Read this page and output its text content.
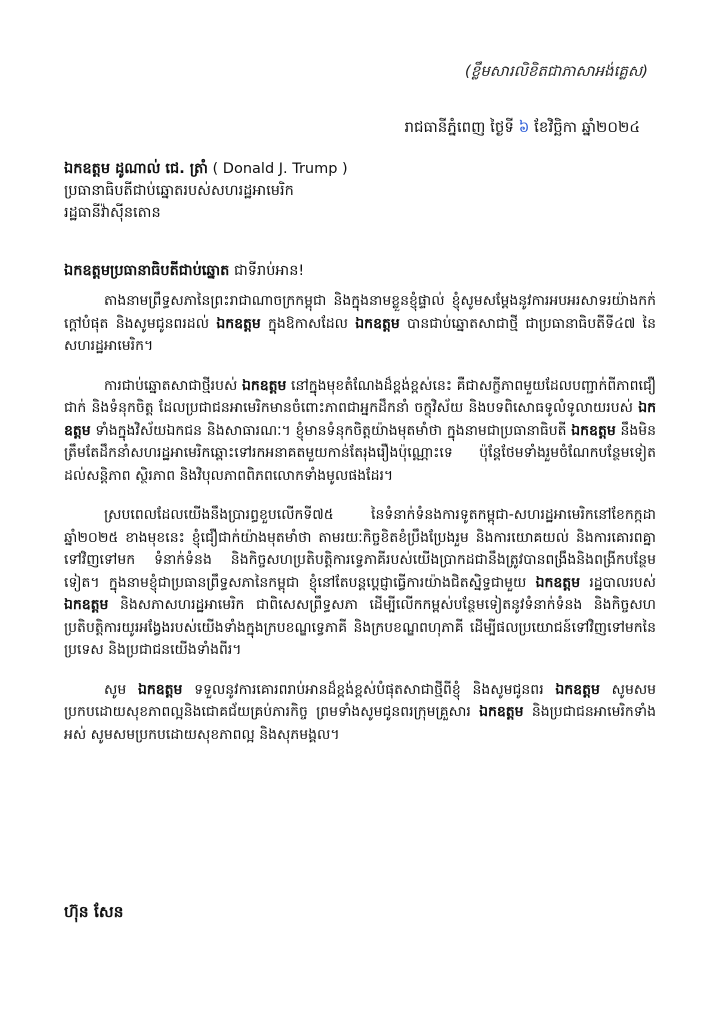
(ខ្លឹមសារលិខិតជាភាសាអង់គ្លេស)
រាជធានីភ្នំពេញ ថ្ងៃទី ៦ ខែវិច្ឆិកា ឆ្នាំ២០២៤
ឯកឧត្តម ដូណាល់ ជេ. ត្រាំ ( Donald J. Trump )
ប្រធានាធិបតីជាប់ឆ្នោតរបស់សហរដ្ឋអាមេរិក
រដ្ឋធានីវ៉ាស៊ីនតោន
ឯកឧត្តមប្រធានាធិបតីជាប់ឆ្នោត ជាទីរាប់អាន!

តាងនាមព្រឹទ្ធសភានៃព្រះរាជាណាចក្រកម្ពុជា និងក្នុងនាមខ្លួនខ្ញុំផ្ទាល់ ខ្ញុំសូមសម្តែងនូវការអបអរសាទរយ៉ាងកក់ក្តៅបំផុត និងសូមជូនពរដល់ ឯកឧត្តម ក្នុងឱកាសដែល ឯកឧត្តម បានជាប់ឆ្នោតសាជាថ្មី ជាប្រធានាធិបតីទី៤៧ នៃសហរដ្ឋអាមេរិក។

ការជាប់ឆ្នោតសាជាថ្មីរបស់ ឯកឧត្តម នៅក្នុងមុខតំណែងដ៏ខ្ពង់ខ្ពស់នេះ គឺជាសក្ខីភាពមួយដែលបញ្ជាក់ពីភាពជឿជាក់ និងទំនុកចិត្ត ដែលប្រជាជនអាមេរិកមានចំពោះភាពជាអ្នកដឹកនាំ ចក្ខុវិស័យ និងបទពិសោធទូលំទូលាយរបស់ ឯកឧត្តម ទាំងក្នុងវិស័យឯកជន និងសាធារណៈ។ ខ្ញុំមានទំនុកចិត្តយ៉ាងមុតមាំថា ក្នុងនាមជាប្រធានាធិបតី ឯកឧត្តម នឹងមិនត្រឹមតែដឹកនាំសហរដ្ឋអាមេរិកឆ្ពោះទៅរកអនាគតមួយកាន់តែរុងរឿងប៉ុណ្ណោះទេ ប៉ុន្តែថែមទាំងរួមចំណែកបន្ថែមទៀតដល់សន្តិភាព ស្ថិរភាព និងវិបុលភាពពិភពលោកទាំងមូលផងដែរ។

ស្របពេលដែលយើងនឹងប្រារព្ធខួបលើកទី៧៥ នៃទំនាក់ទំនងការទូតកម្ពុជា-សហរដ្ឋអាមេរិកនៅខែកក្កដា ឆ្នាំ២០២៥ ខាងមុខនេះ ខ្ញុំជឿជាក់យ៉ាងមុតមាំថា តាមរយៈកិច្ចខិតខំប្រឹងប្រែងរួម និងការយោគយល់ និងការគោរពគ្នាទៅវិញទៅមក ទំនាក់ទំនង និងកិច្ចសហប្រតិបត្តិការទ្វេភាគីរបស់យើងប្រាកដជានឹងត្រូវបានពង្រឹងនិងពង្រីកបន្ថែមទៀត។ ក្នុងនាមខ្ញុំជាប្រធានព្រឹទ្ធសភានៃកម្ពុជា ខ្ញុំនៅតែបន្តប្តេជ្ញាធ្វើការយ៉ាងជិតស្និទ្ធជាមួយ ឯកឧត្តម រដ្ឋបាលរបស់ ឯកឧត្តម និងសភាសហរដ្ឋអាមេរិក ជាពិសេសព្រឹទ្ធសភា ដើម្បីលើកកម្ពស់បន្ថែមទៀតនូវទំនាក់ទំនង និងកិច្ចសហប្រតិបត្តិការយូរអង្វែងរបស់យើងទាំងក្នុងក្របខណ្ឌទ្វេភាគី និងក្របខណ្ឌពហុភាគី ដើម្បីផលប្រយោជន៍ទៅវិញទៅមកនៃប្រទេស និងប្រជាជនយើងទាំងពីរ។

សូម ឯកឧត្តម ទទួលនូវការគោរពរាប់អានដ៏ខ្ពង់ខ្ពស់បំផុតសាជាថ្មីពីខ្ញុំ និងសូមជូនពរ ឯកឧត្តម សូមសមប្រកបដោយសុខភាពល្អនិងជោគជ័យគ្រប់ភារកិច្ច ព្រមទាំងសូមជូនពរក្រុមគ្រួសារ ឯកឧត្តម និងប្រជាជនអាមេរិកទាំងអស់ សូមសមប្រកបដោយសុខភាពល្អ និងសុភមង្គល។

ហ៊ុន សែន
